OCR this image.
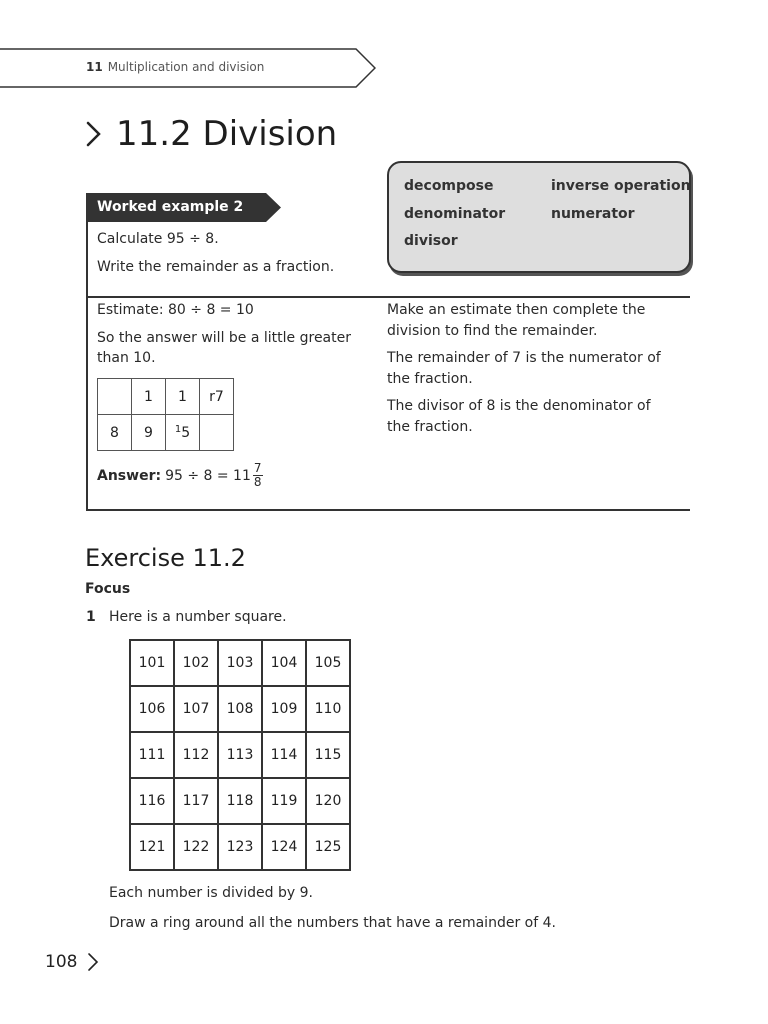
11 Multiplication and division
11.2 Division
decompose	inverse operation
denominator	numerator
divisor
Worked example 2
Calculate 95 ÷ 8.
Write the remainder as a fraction.
Estimate: 80 ÷ 8 = 10
So the answer will be a little greater
than 10.
	1	1	r7
8	9	$^1$5	
Answer: $95 \div 8 = 11 \frac{7}{8}$
Make an estimate then complete the
division to find the remainder.
The remainder of 7 is the numerator of
the fraction.
The divisor of 8 is the denominator of
the fraction.
Exercise 11.2
Focus
1 Here is a number square.
101	102	103	104	105
106	107	108	109	110
111	112	113	114	115
116	117	118	119	120
121	122	123	124	125
Each number is divided by 9.
Draw a ring around all the numbers that have a remainder of 4.
108
